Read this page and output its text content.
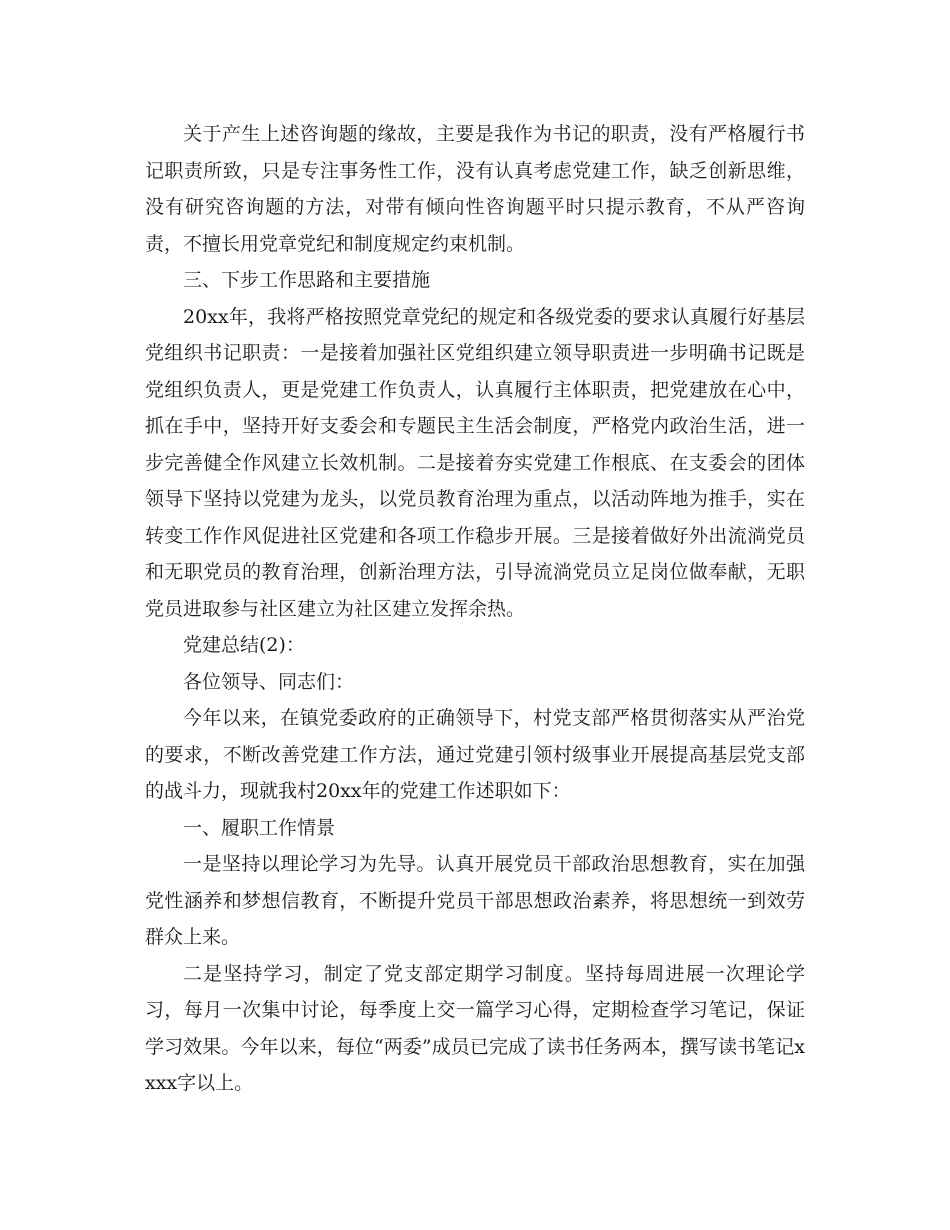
关于产生上述咨询题的缘故，主要是我作为书记的职责，没有严格履行书记职责所致，只是专注事务性工作，没有认真考虑党建工作，缺乏创新思维，没有研究咨询题的方法，对带有倾向性咨询题平时只提示教育，不从严咨询责，不擅长用党章党纪和制度规定约束机制。

三、下步工作思路和主要措施

20xx年，我将严格按照党章党纪的规定和各级党委的要求认真履行好基层党组织书记职责：一是接着加强社区党组织建立领导职责进一步明确书记既是党组织负责人，更是党建工作负责人，认真履行主体职责，把党建放在心中，抓在手中，坚持开好支委会和专题民主生活会制度，严格党内政治生活，进一步完善健全作风建立长效机制。二是接着夯实党建工作根底、在支委会的团体领导下坚持以党建为龙头，以党员教育治理为重点，以活动阵地为推手，实在转变工作作风促进社区党建和各项工作稳步开展。三是接着做好外出流淌党员和无职党员的教育治理，创新治理方法，引导流淌党员立足岗位做奉献，无职党员进取参与社区建立为社区建立发挥余热。

党建总结(2)：

各位领导、同志们：

今年以来，在镇党委政府的正确领导下，村党支部严格贯彻落实从严治党的要求，不断改善党建工作方法，通过党建引领村级事业开展提高基层党支部的战斗力，现就我村20xx年的党建工作述职如下：

一、履职工作情景

一是坚持以理论学习为先导。认真开展党员干部政治思想教育，实在加强党性涵养和梦想信教育，不断提升党员干部思想政治素养，将思想统一到效劳群众上来。

二是坚持学习，制定了党支部定期学习制度。坚持每周进展一次理论学习，每月一次集中讨论，每季度上交一篇学习心得，定期检查学习笔记，保证学习效果。今年以来，每位“两委”成员已完成了读书任务两本，撰写读书笔记xxxx字以上。
